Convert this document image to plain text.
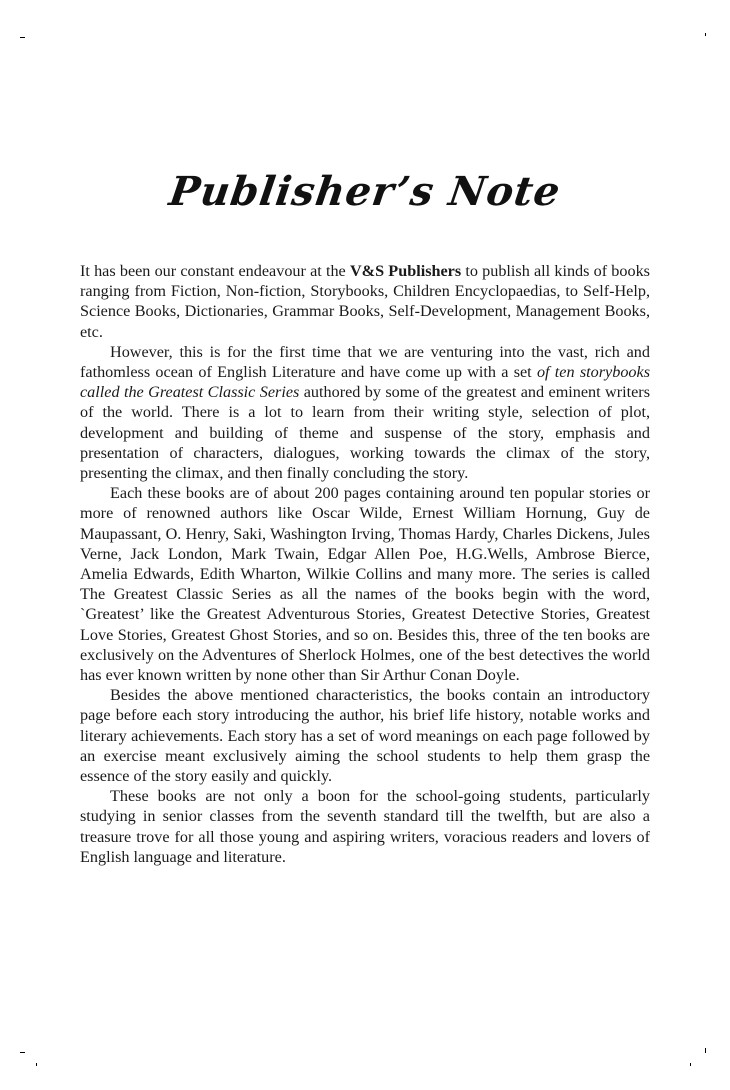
Publisher’s Note

It has been our constant endeavour at the V&S Publishers to publish all kinds of books ranging from Fiction, Non-fiction, Storybooks, Children Encyclopaedias, to Self-Help, Science Books, Dictionaries, Grammar Books, Self-Development, Management Books, etc.

However, this is for the first time that we are venturing into the vast, rich and fathomless ocean of English Literature and have come up with a set of ten storybooks called the Greatest Classic Series authored by some of the greatest and eminent writers of the world. There is a lot to learn from their writing style, selection of plot, development and building of theme and suspense of the story, emphasis and presentation of characters, dialogues, working towards the climax of the story, presenting the climax, and then finally concluding the story.

Each these books are of about 200 pages containing around ten popular stories or more of renowned authors like Oscar Wilde, Ernest William Hornung, Guy de Maupassant, O. Henry, Saki, Washington Irving, Thomas Hardy, Charles Dickens, Jules Verne, Jack London, Mark Twain, Edgar Allen Poe, H.G.Wells, Ambrose Bierce, Amelia Edwards, Edith Wharton, Wilkie Collins and many more. The series is called The Greatest Classic Series as all the names of the books begin with the word, `Greatest’ like the Greatest Adventurous Stories, Greatest Detective Stories, Greatest Love Stories, Greatest Ghost Stories, and so on. Besides this, three of the ten books are exclusively on the Adventures of Sherlock Holmes, one of the best detectives the world has ever known written by none other than Sir Arthur Conan Doyle.

Besides the above mentioned characteristics, the books contain an introductory page before each story introducing the author, his brief life history, notable works and literary achievements. Each story has a set of word meanings on each page followed by an exercise meant exclusively aiming the school students to help them grasp the essence of the story easily and quickly.

These books are not only a boon for the school-going students, particularly studying in senior classes from the seventh standard till the twelfth, but are also a treasure trove for all those young and aspiring writers, voracious readers and lovers of English language and literature.
